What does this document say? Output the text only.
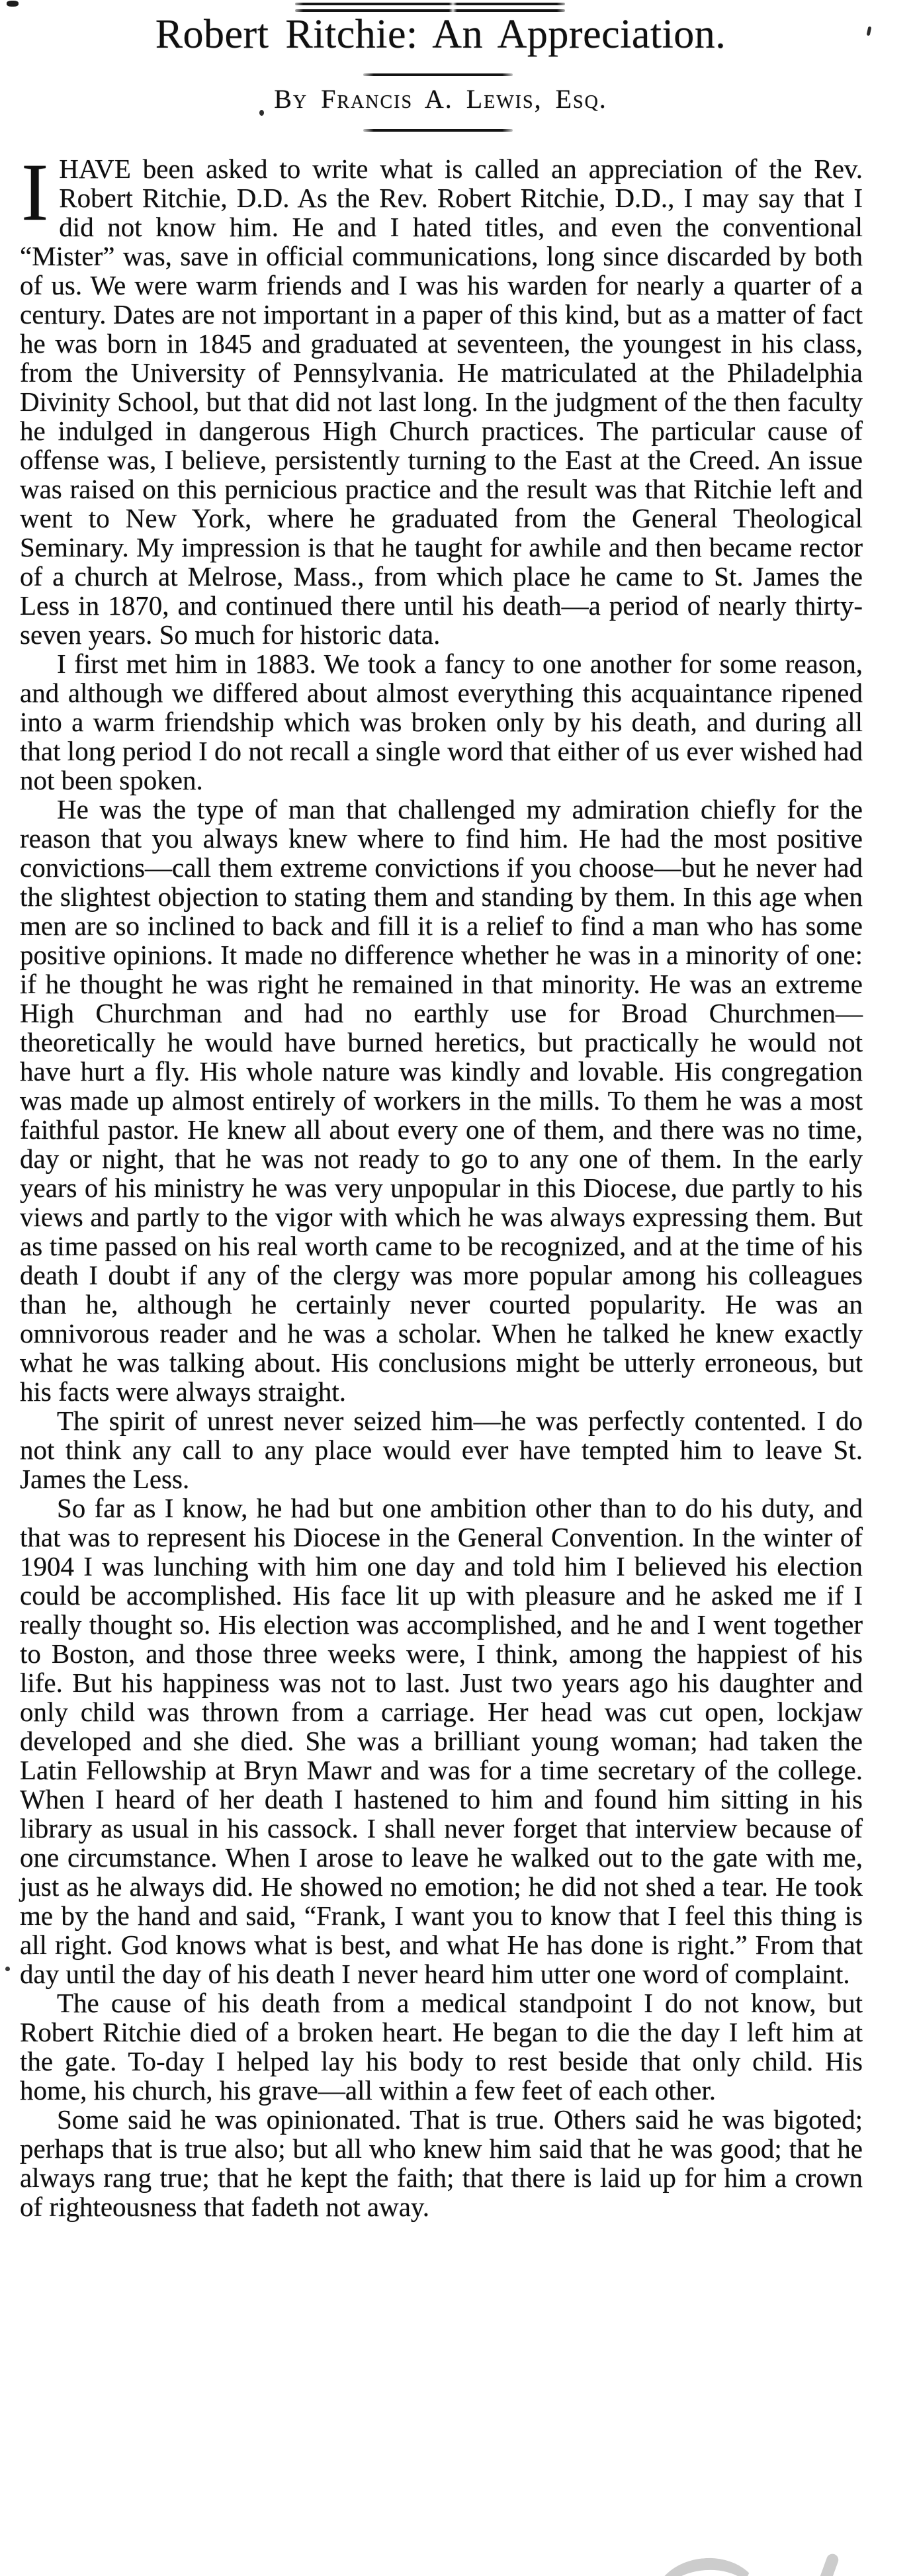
Robert Ritchie: An Appreciation.
By Francis A. Lewis, Esq.

IHAVE been asked to write what is called an appreciation of the Rev. Robert Ritchie, D.D. As the Rev. Robert Ritchie, D.D., I may say that I did not know him. He and I hated titles, and even the conventional “Mister” was, save in official communications, long since discarded by both of us. We were warm friends and I was his warden for nearly a quarter of a century. Dates are not important in a paper of this kind, but as a matter of fact he was born in 1845 and graduated at seventeen, the youngest in his class, from the University of Pennsylvania. He matriculated at the Philadelphia Divinity School, but that did not last long. In the judgment of the then faculty he indulged in dangerous High Church practices. The particular cause of offense was, I believe, persistently turning to the East at the Creed. An issue was raised on this pernicious practice and the result was that Ritchie left and went to New York, where he graduated from the General Theological Seminary. My impression is that he taught for awhile and then became rector of a church at Melrose, Mass., from which place he came to St. James the Less in 1870, and continued there until his death—a period of nearly thirty-seven years. So much for historic data.

I first met him in 1883. We took a fancy to one another for some reason, and although we differed about almost everything this acquaintance ripened into a warm friendship which was broken only by his death, and during all that long period I do not recall a single word that either of us ever wished had not been spoken.

He was the type of man that challenged my admiration chiefly for the reason that you always knew where to find him. He had the most positive convictions—call them extreme convictions if you choose—but he never had the slightest objection to stating them and standing by them. In this age when men are so inclined to back and fill it is a relief to find a man who has some positive opinions. It made no difference whether he was in a minority of one: if he thought he was right he remained in that minority. He was an extreme High Churchman and had no earthly use for Broad Churchmen—theoretically he would have burned heretics, but practically he would not have hurt a fly. His whole nature was kindly and lovable. His congregation was made up almost entirely of workers in the mills. To them he was a most faithful pastor. He knew all about every one of them, and there was no time, day or night, that he was not ready to go to any one of them. In the early years of his ministry he was very unpopular in this Diocese, due partly to his views and partly to the vigor with which he was always expressing them. But as time passed on his real worth came to be recognized, and at the time of his death I doubt if any of the clergy was more popular among his colleagues than he, although he certainly never courted popularity. He was an omnivorous reader and he was a scholar. When he talked he knew exactly what he was talking about. His conclusions might be utterly erroneous, but his facts were always straight.

The spirit of unrest never seized him—he was perfectly contented. I do not think any call to any place would ever have tempted him to leave St. James the Less.

So far as I know, he had but one ambition other than to do his duty, and that was to represent his Diocese in the General Convention. In the winter of 1904 I was lunching with him one day and told him I believed his election could be accomplished. His face lit up with pleasure and he asked me if I really thought so. His election was accomplished, and he and I went together to Boston, and those three weeks were, I think, among the happiest of his life. But his happiness was not to last. Just two years ago his daughter and only child was thrown from a carriage. Her head was cut open, lockjaw developed and she died. She was a brilliant young woman; had taken the Latin Fellowship at Bryn Mawr and was for a time secretary of the college. When I heard of her death I hastened to him and found him sitting in his library as usual in his cassock. I shall never forget that interview because of one circumstance. When I arose to leave he walked out to the gate with me, just as he always did. He showed no emotion; he did not shed a tear. He took me by the hand and said, “Frank, I want you to know that I feel this thing is all right. God knows what is best, and what He has done is right.” From that day until the day of his death I never heard him utter one word of complaint.

The cause of his death from a medical standpoint I do not know, but Robert Ritchie died of a broken heart. He began to die the day I left him at the gate. To-day I helped lay his body to rest beside that only child. His home, his church, his grave—all within a few feet of each other.

Some said he was opinionated. That is true. Others said he was bigoted; perhaps that is true also; but all who knew him said that he was good; that he always rang true; that he kept the faith; that there is laid up for him a crown of righteousness that fadeth not away.
